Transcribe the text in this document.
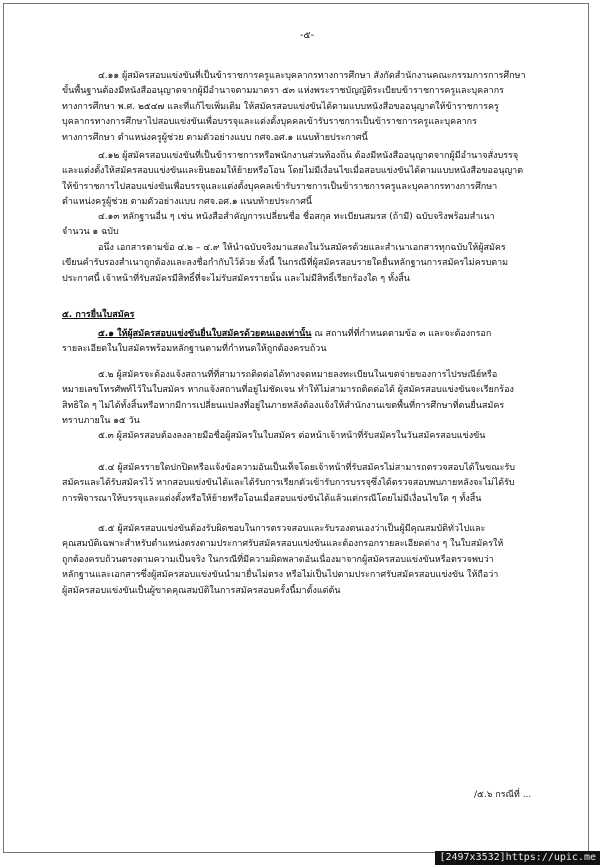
-๕-

๔.๑๑ ผู้สมัครสอบแข่งขันที่เป็นข้าราชการครูและบุคลากรทางการศึกษา สังกัดสำนักงานคณะกรรมการการศึกษา

ขั้นพื้นฐานต้องมีหนังสืออนุญาตจากผู้มีอำนาจตามมาตรา ๕๓ แห่งพระราชบัญญัติระเบียบข้าราชการครูและบุคลากร

ทางการศึกษา พ.ศ. ๒๕๔๗ และที่แก้ไขเพิ่มเติม ให้สมัครสอบแข่งขันได้ตามแบบหนังสือขออนุญาตให้ข้าราชการครู

บุคลากรทางการศึกษาไปสอบแข่งขันเพื่อบรรจุและแต่งตั้งบุคคลเข้ารับราชการเป็นข้าราชการครูและบุคลากร

ทางการศึกษา ตำแหน่งครูผู้ช่วย ตามตัวอย่างแบบ กศจ.อศ.๑ แนบท้ายประกาศนี้

๔.๑๒ ผู้สมัครสอบแข่งขันที่เป็นข้าราชการหรือพนักงานส่วนท้องถิ่น ต้องมีหนังสืออนุญาตจากผู้มีอำนาจสั่งบรรจุ

และแต่งตั้งให้สมัครสอบแข่งขันและยินยอมให้ย้ายหรือโอน โดยไม่มีเงื่อนไขเมื่อสอบแข่งขันได้ตามแบบหนังสือขออนุญาต

ให้ข้าราชการไปสอบแข่งขันเพื่อบรรจุและแต่งตั้งบุคคลเข้ารับราชการเป็นข้าราชการครูและบุคลากรทางการศึกษา

ตำแหน่งครูผู้ช่วย ตามตัวอย่างแบบ กศจ.อศ.๑ แนบท้ายประกาศนี้

๔.๑๓ หลักฐานอื่น ๆ เช่น หนังสือสำคัญการเปลี่ยนชื่อ ชื่อสกุล ทะเบียนสมรส (ถ้ามี) ฉบับจริงพร้อมสำเนา

จำนวน ๑ ฉบับ

อนึ่ง เอกสารตามข้อ ๔.๒ – ๔.๙ ให้นำฉบับจริงมาแสดงในวันสมัครด้วยและสำเนาเอกสารทุกฉบับให้ผู้สมัคร

เขียนคำรับรองสำเนาถูกต้องและลงชื่อกำกับไว้ด้วย ทั้งนี้ ในกรณีที่ผู้สมัครสอบรายใดยื่นหลักฐานการสมัครไม่ครบตาม

ประกาศนี้ เจ้าหน้าที่รับสมัครมีสิทธิ์ที่จะไม่รับสมัครรายนั้น และไม่มีสิทธิ์เรียกร้องใด ๆ ทั้งสิ้น

๕. การยื่นใบสมัคร

๕.๑ ให้ผู้สมัครสอบแข่งขันยื่นใบสมัครด้วยตนเองเท่านั้น ณ สถานที่ที่กำหนดตามข้อ ๓ และจะต้องกรอก

รายละเอียดในใบสมัครพร้อมหลักฐานตามที่กำหนดให้ถูกต้องครบถ้วน

๕.๒ ผู้สมัครจะต้องแจ้งสถานที่ที่สามารถติดต่อได้ทางจดหมายลงทะเบียนในเขตจ่ายของการไปรษณีย์หรือ

หมายเลขโทรศัพท์ไว้ในใบสมัคร หากแจ้งสถานที่อยู่ไม่ชัดเจน ทำให้ไม่สามารถติดต่อได้ ผู้สมัครสอบแข่งขันจะเรียกร้อง

สิทธิใด ๆ ไม่ได้ทั้งสิ้นหรือหากมีการเปลี่ยนแปลงที่อยู่ในภายหลังต้องแจ้งให้สำนักงานเขตพื้นที่การศึกษาที่ตนยื่นสมัคร

ทราบภายใน ๑๕ วัน

๕.๓ ผู้สมัครสอบต้องลงลายมือชื่อผู้สมัครในใบสมัคร ต่อหน้าเจ้าหน้าที่รับสมัครในวันสมัครสอบแข่งขัน

๕.๔ ผู้สมัครรายใดปกปิดหรือแจ้งข้อความอันเป็นเท็จโดยเจ้าหน้าที่รับสมัครไม่สามารถตรวจสอบได้ในขณะรับ

สมัครและได้รับสมัครไว้ หากสอบแข่งขันได้และได้รับการเรียกตัวเข้ารับการบรรจุซึ่งได้ตรวจสอบพบภายหลังจะไม่ได้รับ

การพิจารณาให้บรรจุและแต่งตั้งหรือให้ย้ายหรือโอนเมื่อสอบแข่งขันได้แล้วแต่กรณีโดยไม่มีเงื่อนไขใด ๆ ทั้งสิ้น

๕.๕ ผู้สมัครสอบแข่งขันต้องรับผิดชอบในการตรวจสอบและรับรองตนเองว่าเป็นผู้มีคุณสมบัติทั่วไปและ

คุณสมบัติเฉพาะสำหรับตำแหน่งตรงตามประกาศรับสมัครสอบแข่งขันและต้องกรอกรายละเอียดต่าง ๆ ในใบสมัครให้

ถูกต้องครบถ้วนตรงตามความเป็นจริง ในกรณีที่มีความผิดพลาดอันเนื่องมาจากผู้สมัครสอบแข่งขันหรือตรวจพบว่า

หลักฐานและเอกสารซึ่งผู้สมัครสอบแข่งขันนำมายื่นไม่ตรง หรือไม่เป็นไปตามประกาศรับสมัครสอบแข่งขัน ให้ถือว่า

ผู้สมัครสอบแข่งขันเป็นผู้ขาดคุณสมบัติในการสมัครสอบครั้งนี้มาตั้งแต่ต้น

/๕.๖ กรณีที่ ...
[2497x3532]https://upic.me
